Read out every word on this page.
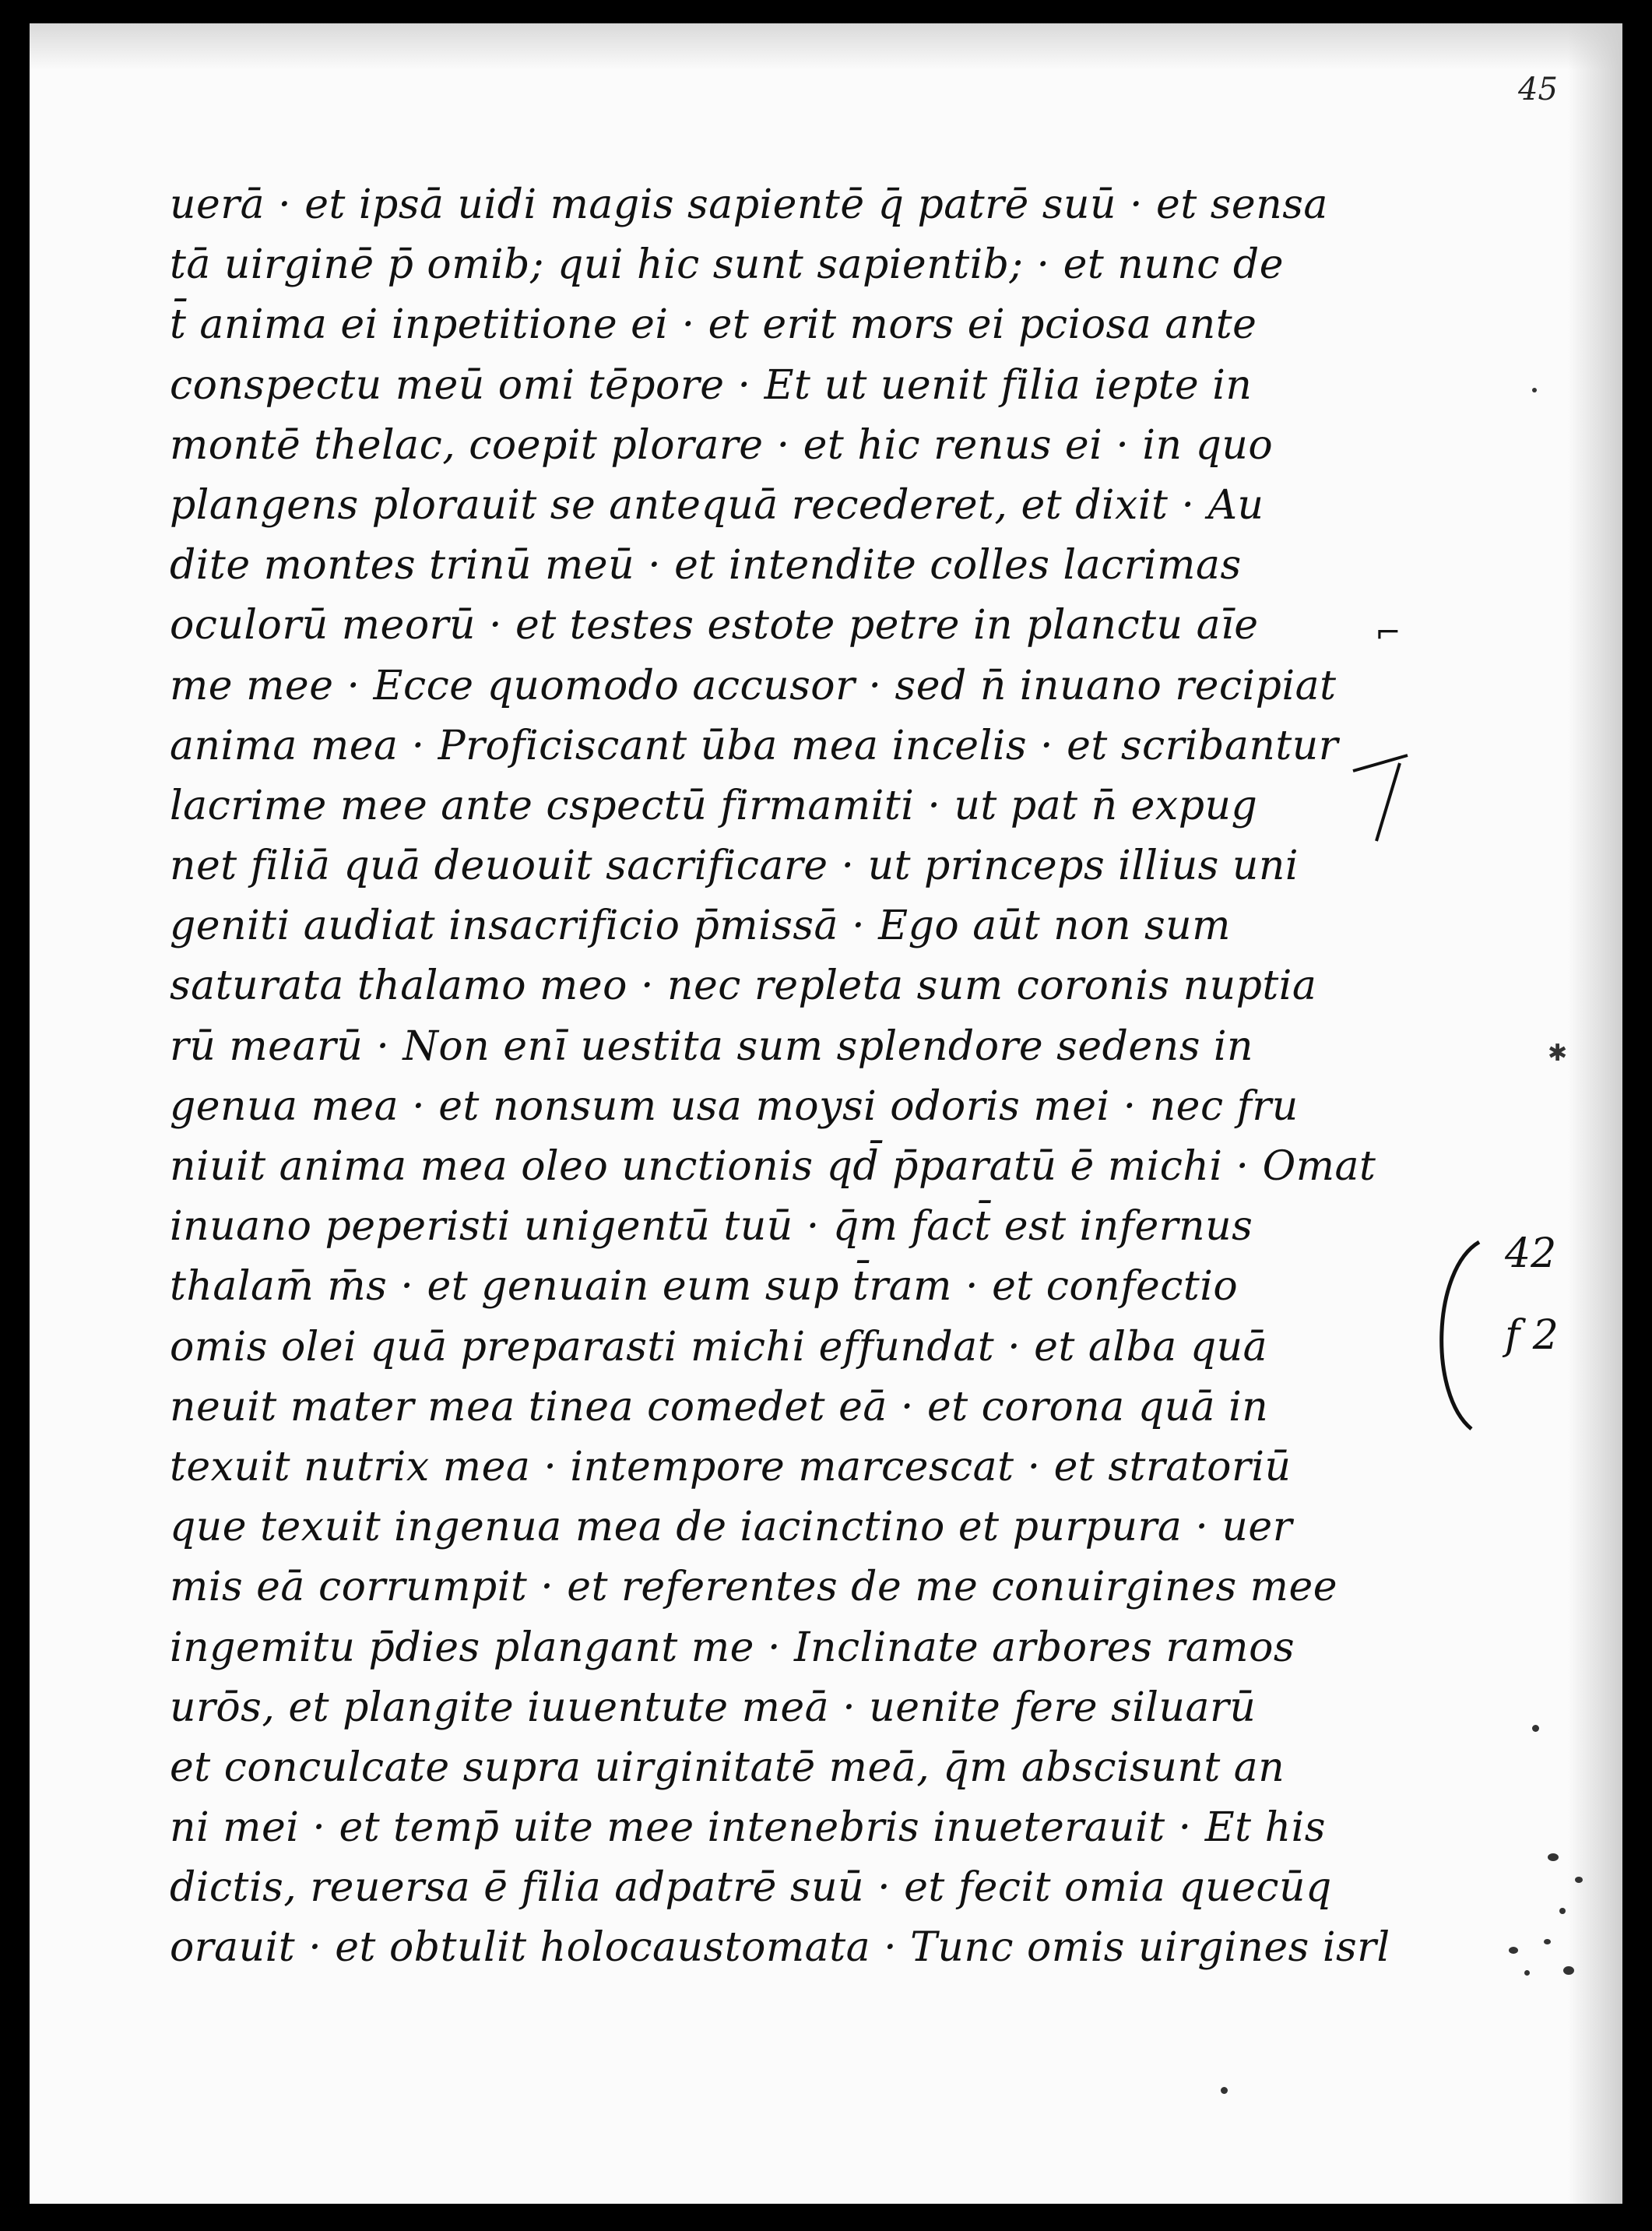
45
uerā · et ipsā uidi magis sapientē q̄ patrē suū · et sensa
tā uirginē p̄ omib; qui hic sunt sapientib; · et nunc de
t̄ anima ei inpetitione ei · et erit mors ei pciosa ante
conspectu meū omi tēpore · Et ut uenit filia iepte in
montē thelac, coepit plorare · et hic renus ei · in quo
plangens plorauit se antequā recederet, et dixit · Au
dite montes trinū meū · et intendite colles lacrimas
oculorū meorū · et testes estote petre in planctu aīe
me mee · Ecce quomodo accusor · sed n̄ inuano recipiat
anima mea · Proficiscant ūba mea incelis · et scribantur
lacrime mee ante cspectū firmamiti · ut pat n̄ expug
net filiā quā deuouit sacrificare · ut princeps illius uni
geniti audiat insacrificio p̄missā · Ego aūt non sum
saturata thalamo meo · nec repleta sum coronis nuptia
rū mearū · Non enī uestita sum splendore sedens in
genua mea · et nonsum usa moysi odoris mei · nec fru
niuit anima mea oleo unctionis qd̄ p̄paratū ē michi · Omat
inuano peperisti unigentū tuū · q̄m fact̄ est infernus
thalam̄ m̄s · et genuain eum sup t̄ram · et confectio
omis olei quā preparasti michi effundat · et alba quā
neuit mater mea tinea comedet eā · et corona quā in
texuit nutrix mea · intempore marcescat · et stratoriū
que texuit ingenua mea de iacinctino et purpura · uer
mis eā corrumpit · et referentes de me conuirgines mee
ingemitu p̄dies plangant me · Inclinate arbores ramos
urōs, et plangite iuuentute meā · uenite fere siluarū
et conculcate supra uirginitatē meā, q̄m abscisunt an
ni mei · et temp̄ uite mee intenebris inueterauit · Et his
dictis, reuersa ē filia adpatrē suū · et fecit omia quecūq
orauit · et obtulit holocaustomata · Tunc omis uirgines isrl
⌐
42
f 2
✱
